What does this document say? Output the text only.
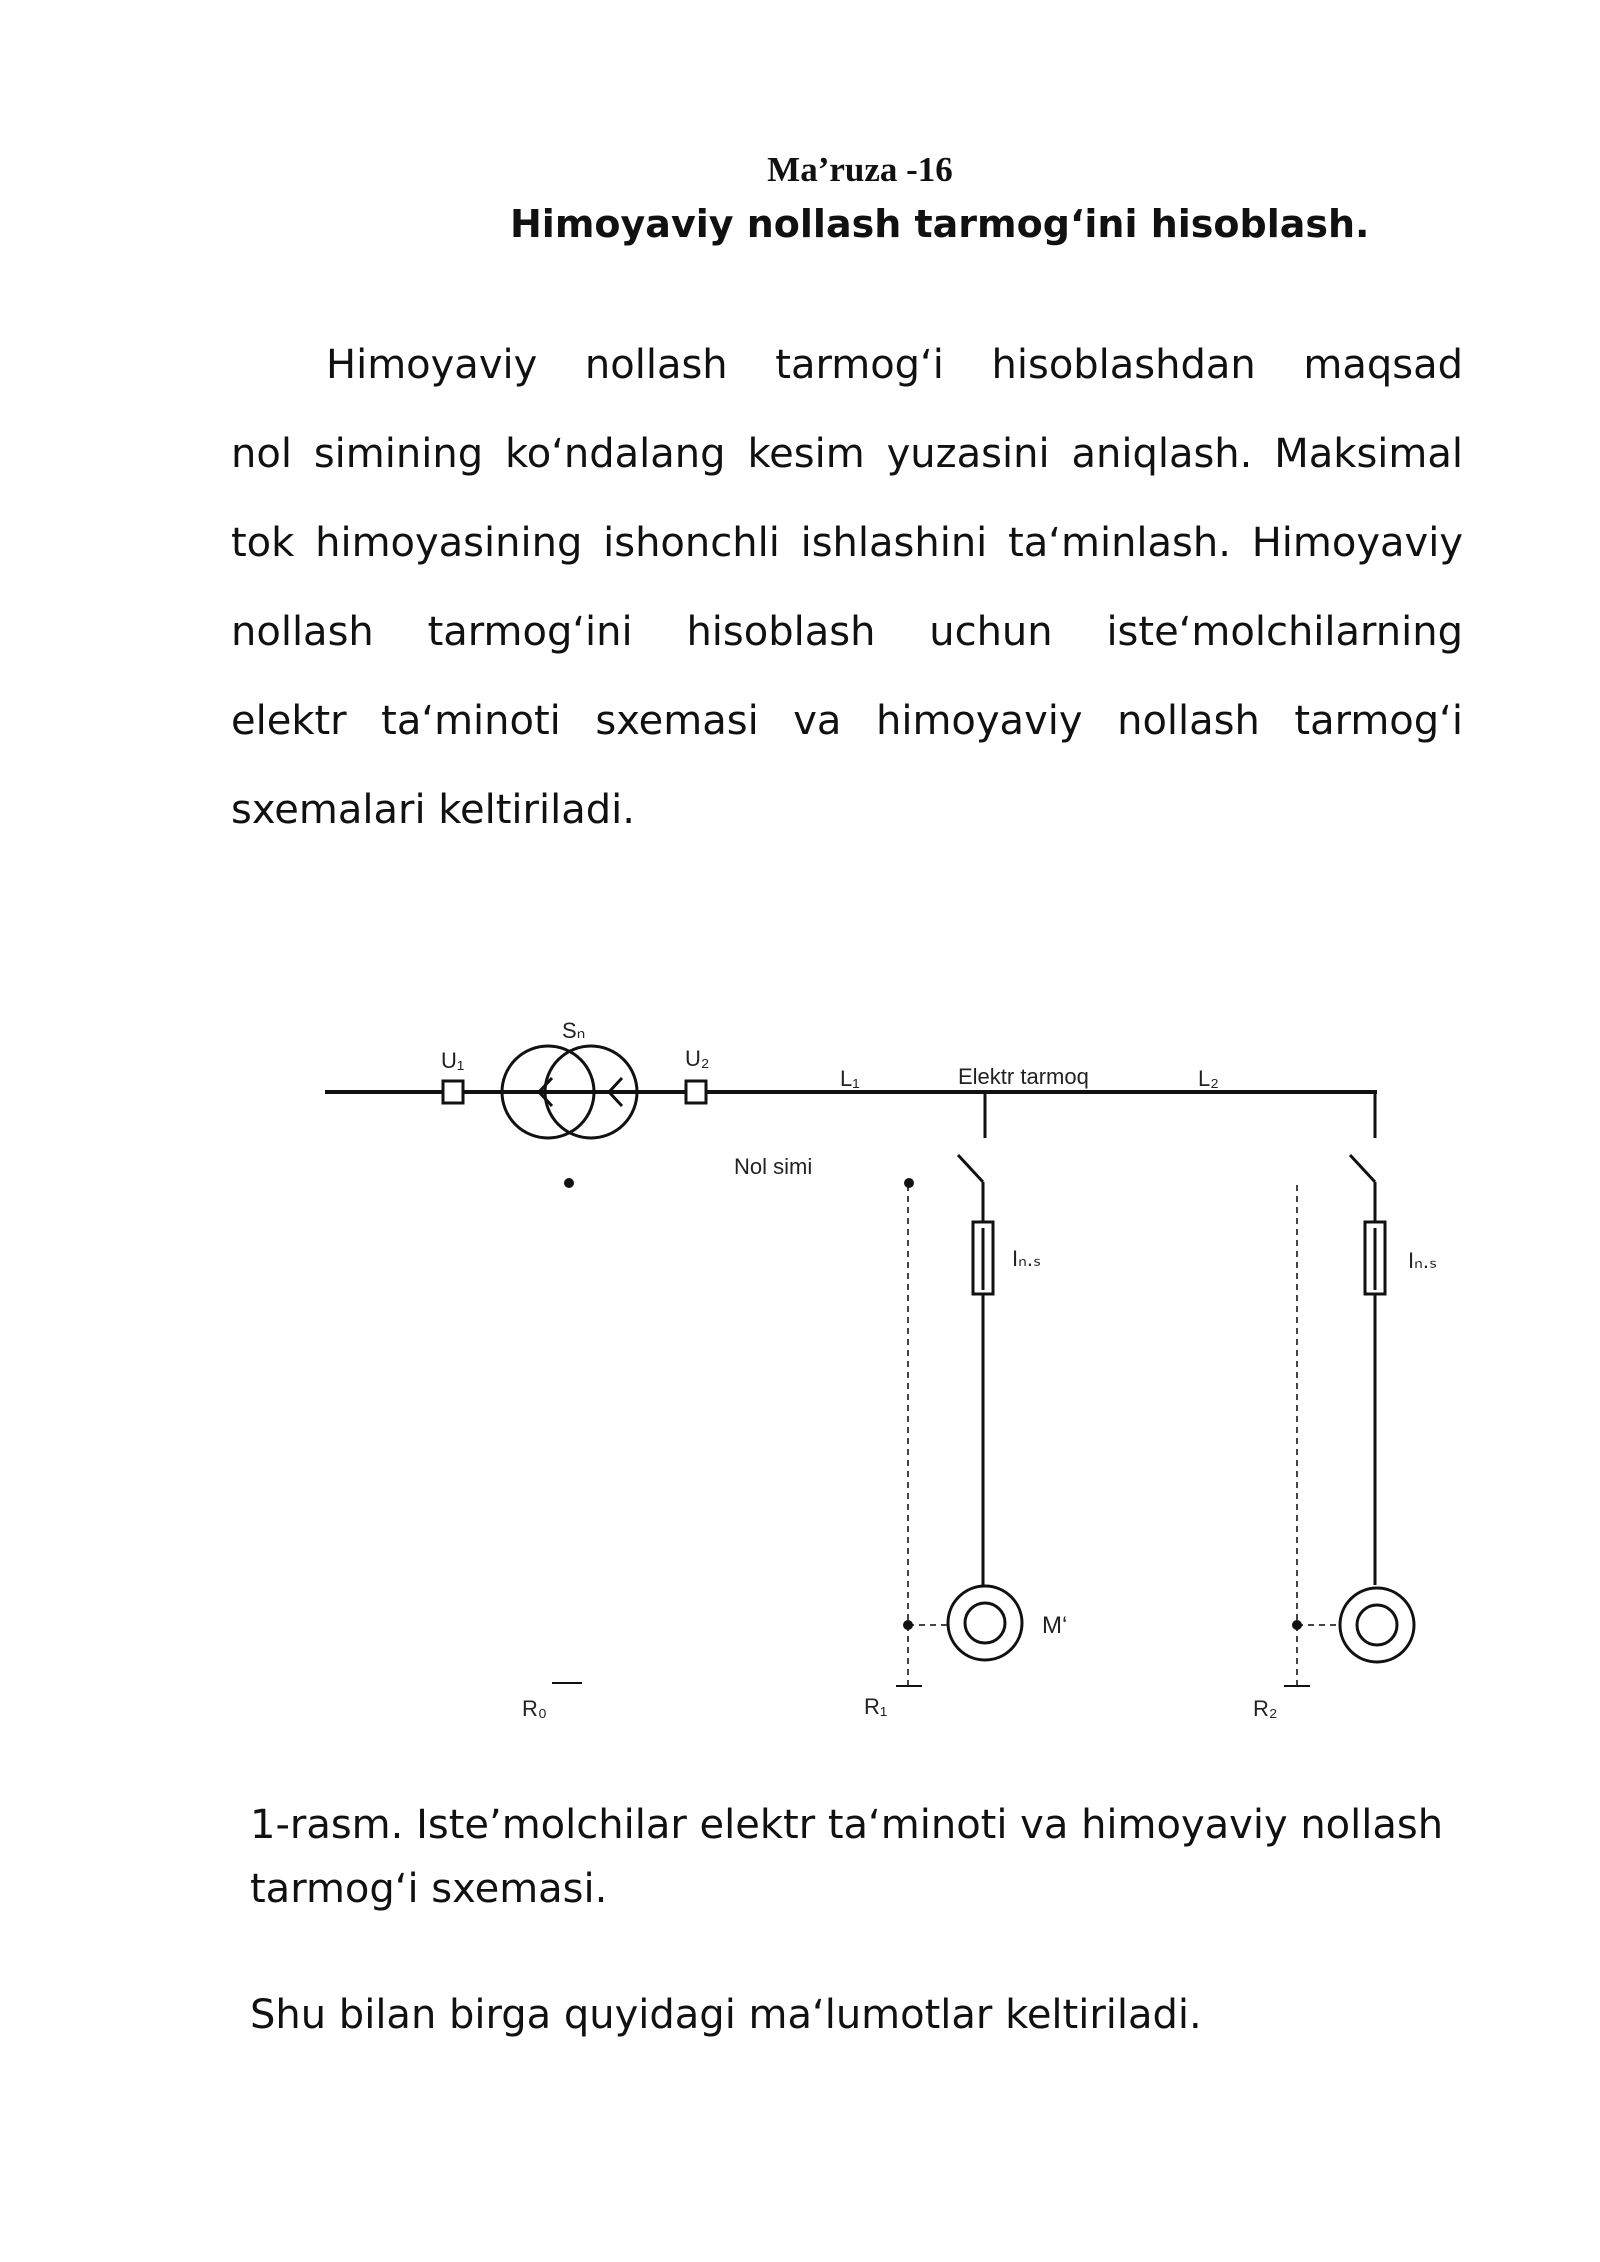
Ma’ruza -16
Himoyaviy nollash tarmog‘ini hisoblash.
Himoyaviy nollash tarmog‘i hisoblashdan maqsad
nol simining ko‘ndalang kesim yuzasini aniqlash. Maksimal
tok himoyasining ishonchli ishlashini ta‘minlash. Himoyaviy
nollash tarmog‘ini hisoblash uchun iste‘molchilarning
elektr ta‘minoti sxemasi va himoyaviy nollash tarmog‘i
sxemalari keltiriladi.
U₁
Sₙ
U₂
L₁	Elektr tarmoq	L₂
Nol simi
Iₙ.ₛ	Iₙ.ₛ
M‘
R₀	R₁	R₂
1-rasm. Iste’molchilar elektr ta‘minoti va himoyaviy nollash
tarmog‘i sxemasi.
Shu bilan birga quyidagi ma‘lumotlar keltiriladi.
